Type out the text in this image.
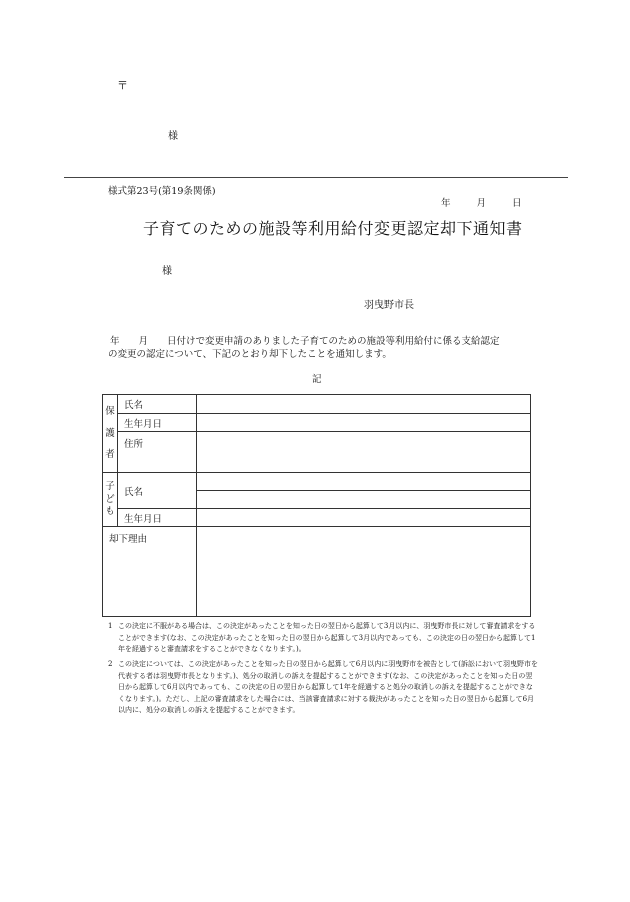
〒
様
様式第23号(第19条関係)
年	月	日
子育てのための施設等利用給付変更認定却下通知書
様
羽曳野市長
年　　月　　日付けで変更申請のありました子育てのための施設等利用給付に係る支給認定
の変更の認定について、下記のとおり却下したことを通知します。
記
保
護
者	氏名	
	生年月日	
	住所	

子
ど
も	氏名	

	生年月日	
却下理由		
1 この決定に不服がある場合は、この決定があったことを知った日の翌日から起算して3月以内に、羽曳野市長に対して審査請求をすることができます(なお、この決定があったことを知った日の翌日から起算して3月以内であっても、この決定の日の翌日から起算して1年を経過すると審査請求をすることができなくなります。)。
2 この決定については、この決定があったことを知った日の翌日から起算して6月以内に羽曳野市を被告として(訴訟において羽曳野市を代表する者は羽曳野市長となります。)、処分の取消しの訴えを提起することができます(なお、この決定があったことを知った日の翌日から起算して6月以内であっても、この決定の日の翌日から起算して1年を経過すると処分の取消しの訴えを提起することができなくなります。)。ただし、上記の審査請求をした場合には、当該審査請求に対する裁決があったことを知った日の翌日から起算して6月以内に、処分の取消しの訴えを提起することができます。
